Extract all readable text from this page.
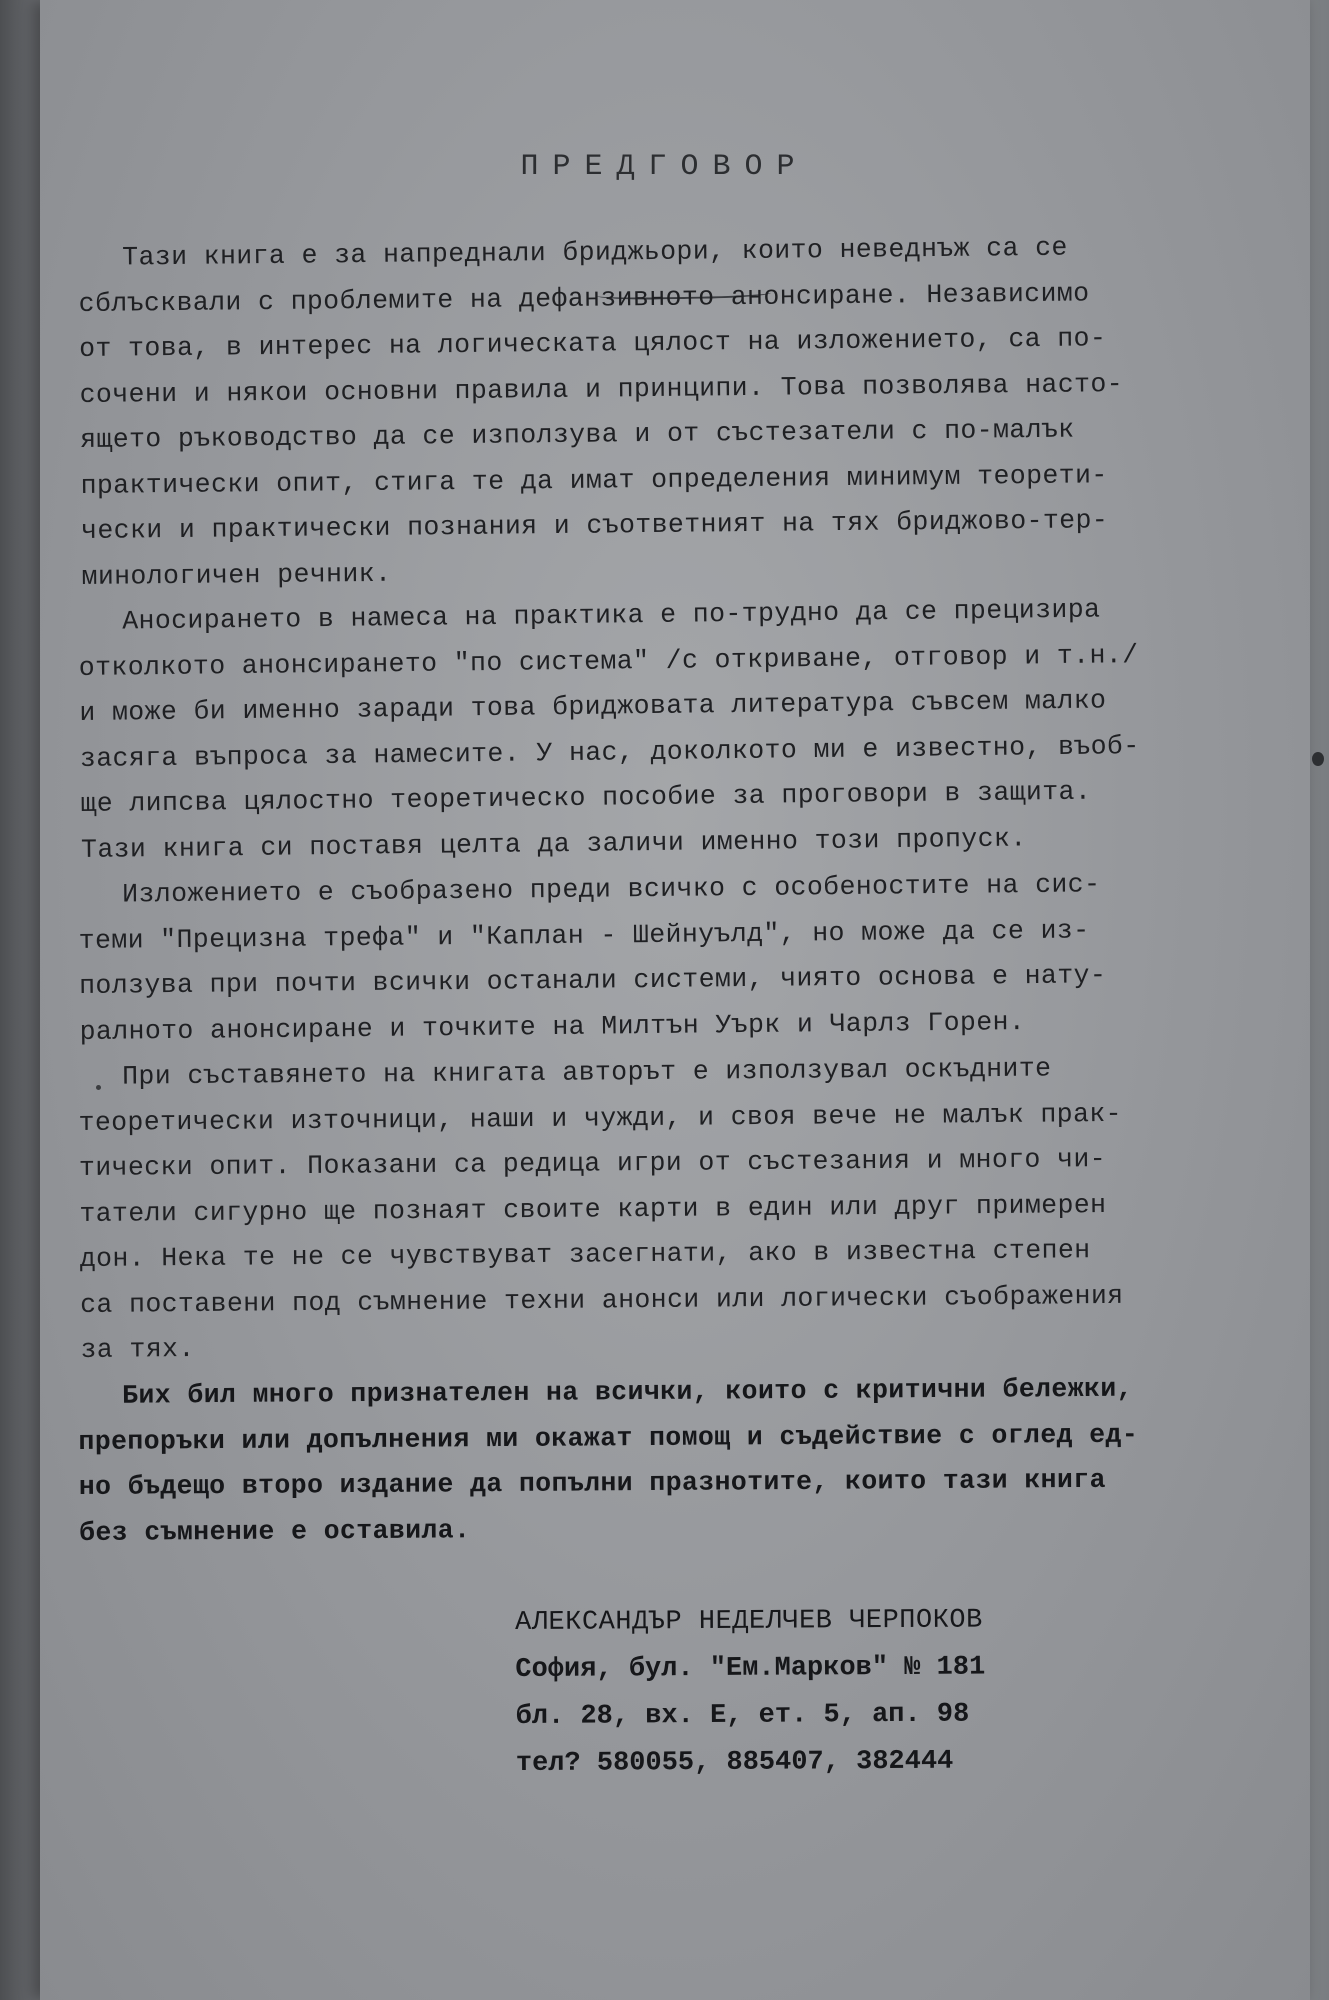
ПРЕДГОВОР
Тази книга е за напреднали бриджьори, които неведнъж са се
сблъсквали с проблемите на дефанзивното анонсиране. Независимо
от това, в интерес на логическата цялост на изложението, са по-
сочени и някои основни правила и принципи. Това позволява насто-
ящето ръководство да се използува и от състезатели с по-малък
практически опит, стига те да имат определения минимум теорети-
чески и практически познания и съответният на тях бриджово-тер-
минологичен речник.
Аносирането в намеса на практика е по-трудно да се прецизира
отколкото анонсирането "по система" /с откриване, отговор и т.н./
и може би именно заради това бриджовата литература съвсем малко
засяга въпроса за намесите. У нас, доколкото ми е известно, въоб-
ще липсва цялостно теоретическо пособие за проговори в защита.
Тази книга си поставя целта да заличи именно този пропуск.
Изложението е съобразено преди всичко с особеностите на сис-
теми "Прецизна трефа" и "Каплан - Шейнуълд", но може да се из-
ползува при почти всички останали системи, чиято основа е нату-
ралното анонсиране и точките на Милтън Уърк и Чарлз Горен.
При съставянето на книгата авторът е използувал оскъдните
теоретически източници, наши и чужди, и своя вече не малък прак-
тически опит. Показани са редица игри от състезания и много чи-
татели сигурно ще познаят своите карти в един или друг примерен
дон. Нека те не се чувствуват засегнати, ако в известна степен
са поставени под съмнение техни анонси или логически съображения
за тях.
Бих бил много признателен на всички, които с критични бележки,
препоръки или допълнения ми окажат помощ и съдействие с оглед ед-
но бъдещо второ издание да попълни празнотите, които тази книга
без съмнение е оставила.
АЛЕКСАНДЪР НЕДЕЛЧЕВ ЧЕРПОКОВ
София, бул. "Ем.Марков" № 181
бл. 28, вх. Е, ет. 5, ап. 98
тел? 580055, 885407, 382444
